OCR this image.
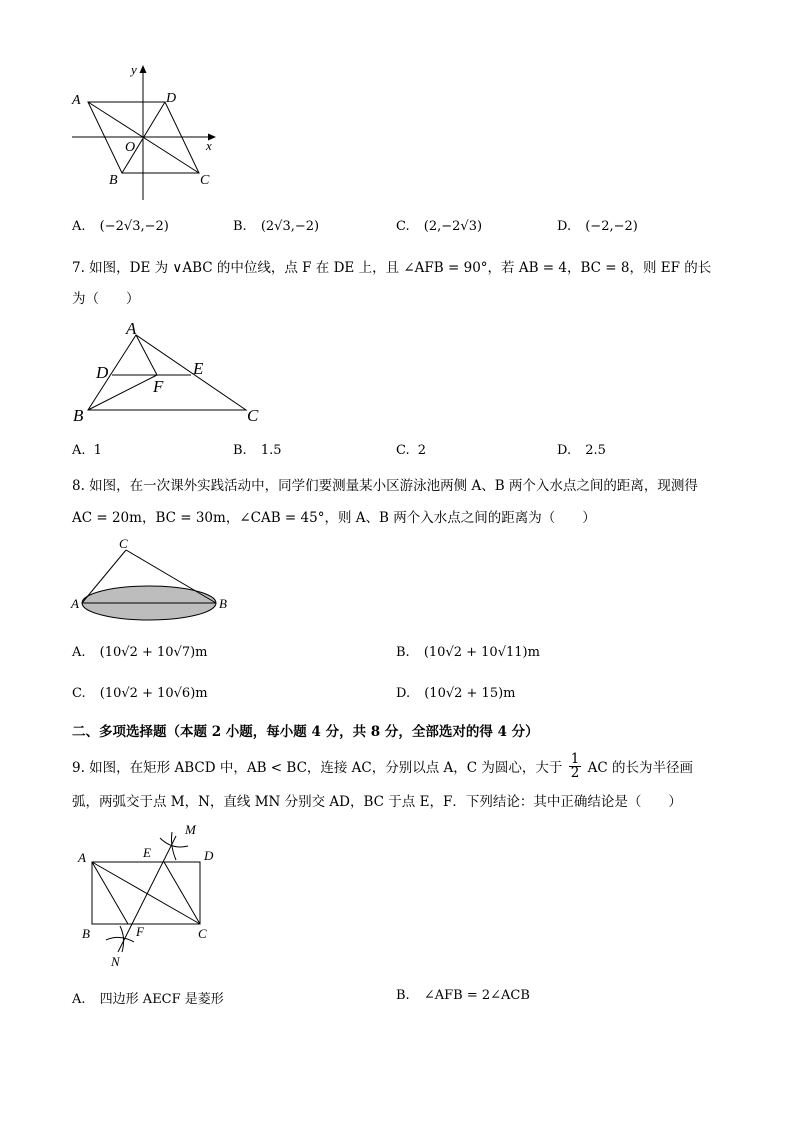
y
x
A	D
O
B	C
A. (−2√3,−2)	B. (2√3,−2)	C. (2,−2√3)	D. (−2,−2)
7. 如图，DE 为 ∨ABC 的中位线，点 F 在 DE 上，且 ∠AFB = 90°，若 AB = 4，BC = 8，则 EF 的长
为（　　）
A
D	E
F
B	C
A. 1	B. 1.5	C. 2	D. 2.5
8. 如图，在一次课外实践活动中，同学们要测量某小区游泳池两侧 A、B 两个入水点之间的距离，现测得
AC = 20m，BC = 30m，∠CAB = 45°，则 A、B 两个入水点之间的距离为（　　）
C
A	B
A. (10√2 + 10√7)m	B. (10√2 + 10√11)m
C. (10√2 + 10√6)m	D. (10√2 + 15)m
二、多项选择题（本题 2 小题，每小题 4 分，共 8 分，全部选对的得 4 分）
9. 如图，在矩形 ABCD 中，AB < BC，连接 AC，分别以点 A，C 为圆心，大于 $\frac{1}{2}$ AC 的长为半径画
弧，两弧交于点 M，N，直线 MN 分别交 AD，BC 于点 E，F．下列结论：其中正确结论是（　　）
M
A	E	D
B	F	C
N
A. 四边形 AECF 是菱形	B. ∠AFB = 2∠ACB
